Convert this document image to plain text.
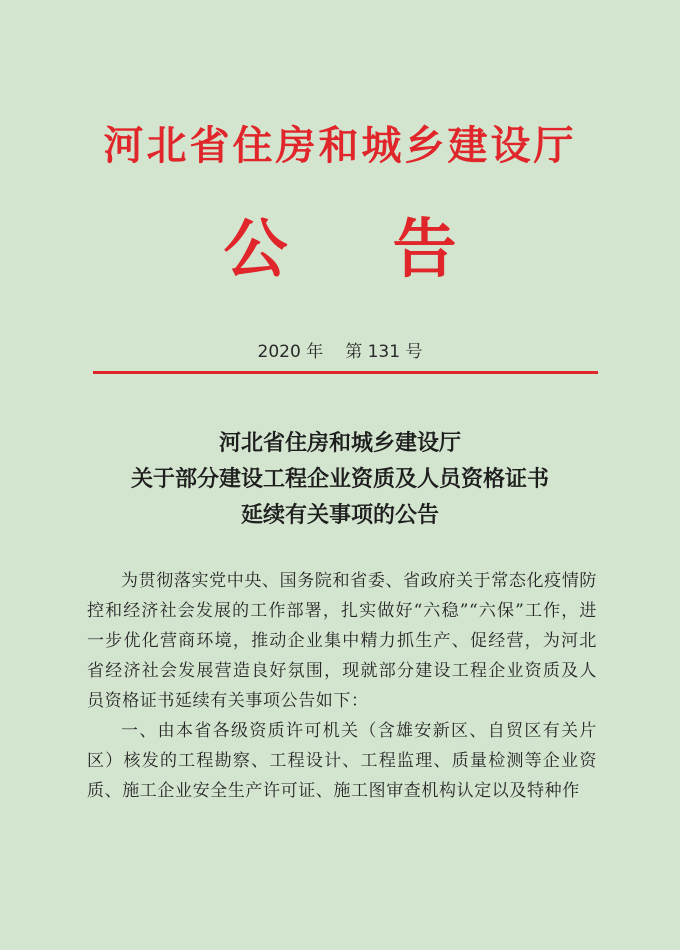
河北省住房和城乡建设厅
公 告
2020 年 第 131 号
河北省住房和城乡建设厅
关于部分建设工程企业资质及人员资格证书
延续有关事项的公告

为贯彻落实党中央、国务院和省委、省政府关于常态化疫情防控和经济社会发展的工作部署，扎实做好“六稳”“六保”工作，进一步优化营商环境，推动企业集中精力抓生产、促经营，为河北省经济社会发展营造良好氛围，现就部分建设工程企业资质及人员资格证书延续有关事项公告如下：

一、由本省各级资质许可机关（含雄安新区、自贸区有关片区）核发的工程勘察、工程设计、工程监理、质量检测等企业资质、施工企业安全生产许可证、施工图审查机构认定以及特种作
